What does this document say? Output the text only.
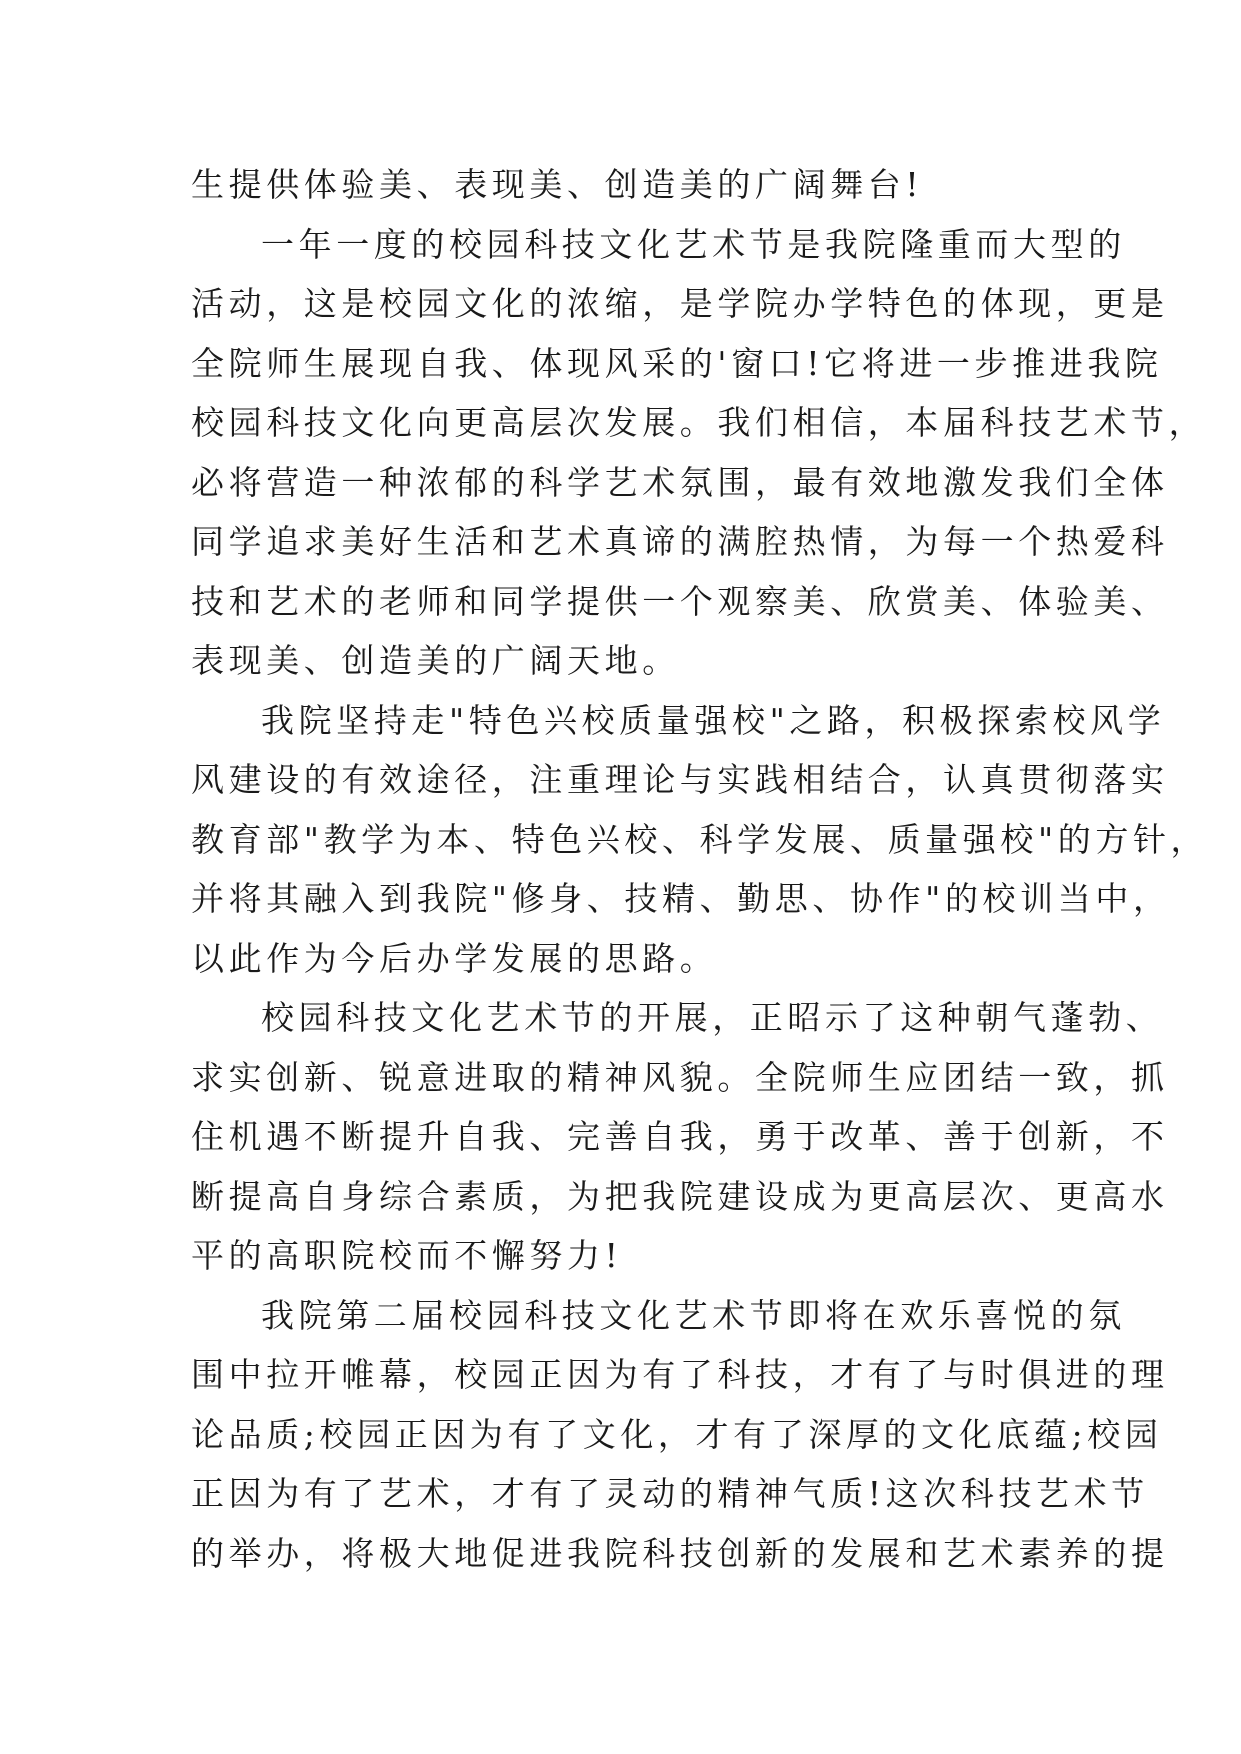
生提供体验美、表现美、创造美的广阔舞台!
一年一度的校园科技文化艺术节是我院隆重而大型的
活动，这是校园文化的浓缩，是学院办学特色的体现，更是
全院师生展现自我、体现风采的'窗口!它将进一步推进我院
校园科技文化向更高层次发展。我们相信，本届科技艺术节，
必将营造一种浓郁的科学艺术氛围，最有效地激发我们全体
同学追求美好生活和艺术真谛的满腔热情，为每一个热爱科
技和艺术的老师和同学提供一个观察美、欣赏美、体验美、
表现美、创造美的广阔天地。
我院坚持走"特色兴校质量强校"之路，积极探索校风学
风建设的有效途径，注重理论与实践相结合，认真贯彻落实
教育部"教学为本、特色兴校、科学发展、质量强校"的方针，
并将其融入到我院"修身、技精、勤思、协作"的校训当中，
以此作为今后办学发展的思路。
校园科技文化艺术节的开展，正昭示了这种朝气蓬勃、
求实创新、锐意进取的精神风貌。全院师生应团结一致，抓
住机遇不断提升自我、完善自我，勇于改革、善于创新，不
断提高自身综合素质，为把我院建设成为更高层次、更高水
平的高职院校而不懈努力!
我院第二届校园科技文化艺术节即将在欢乐喜悦的氛
围中拉开帷幕，校园正因为有了科技，才有了与时俱进的理
论品质;校园正因为有了文化，才有了深厚的文化底蕴;校园
正因为有了艺术，才有了灵动的精神气质!这次科技艺术节
的举办，将极大地促进我院科技创新的发展和艺术素养的提
